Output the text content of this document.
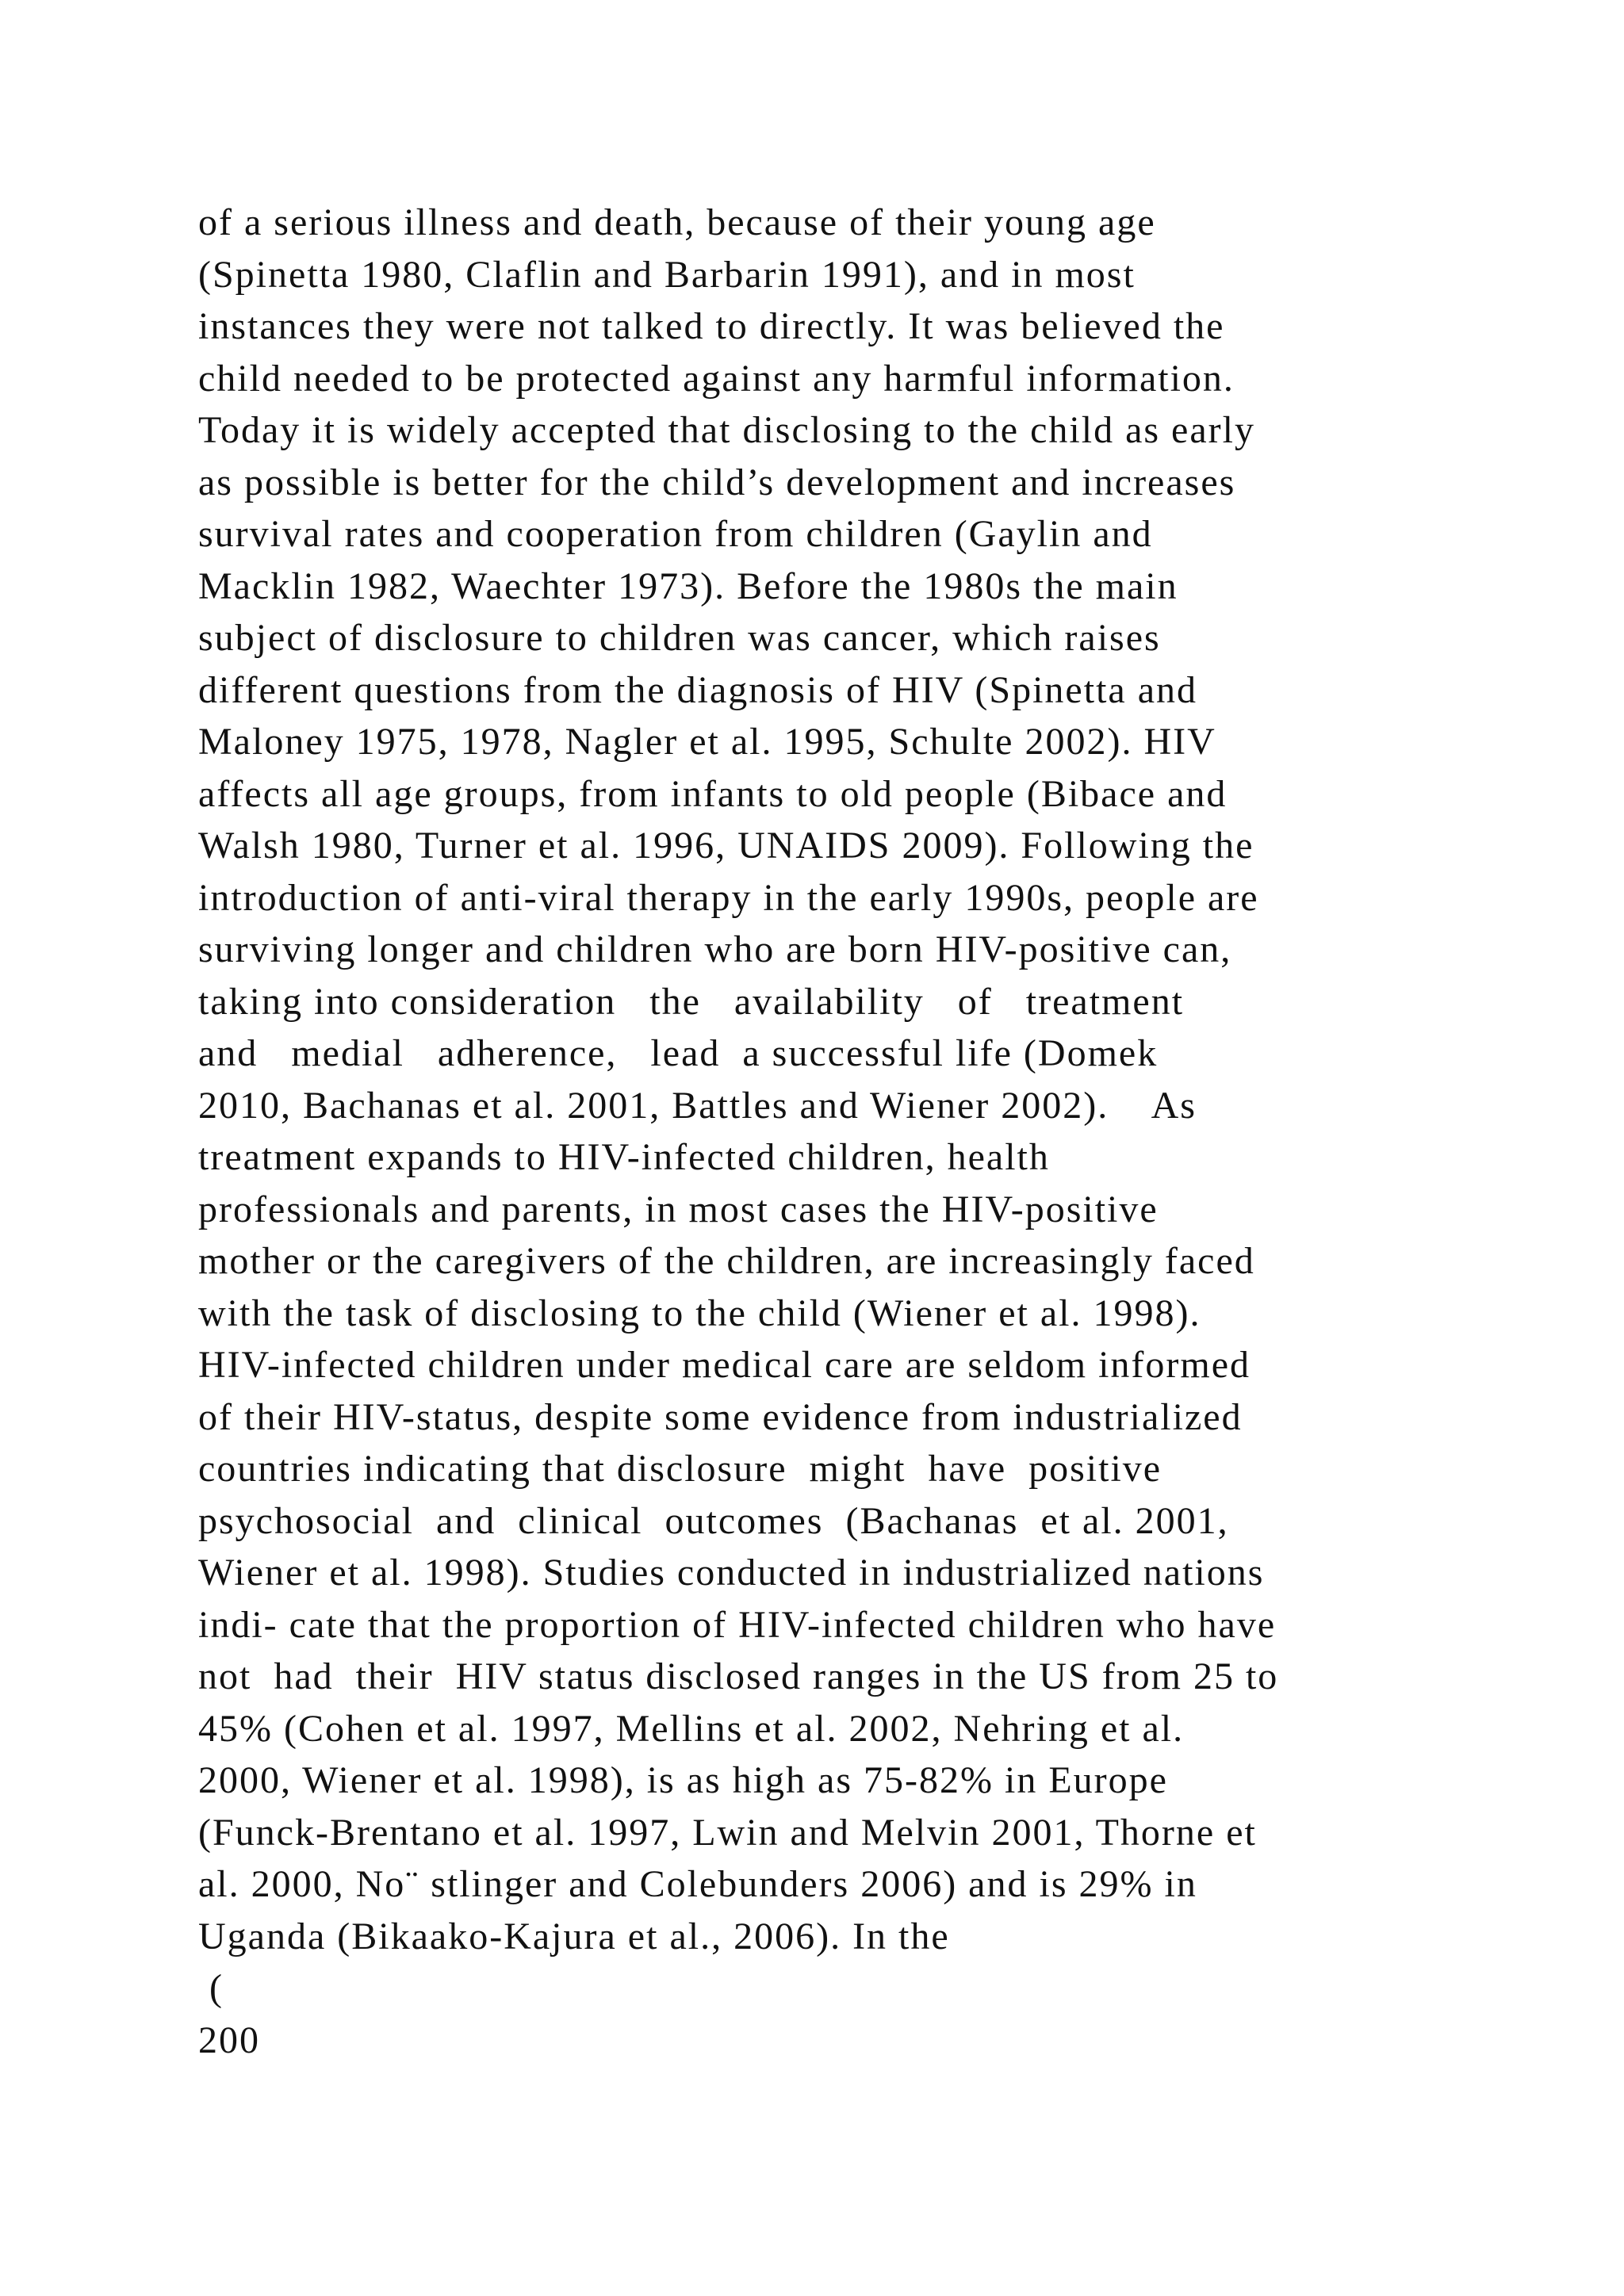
of a serious illness and death, because of their young age
(Spinetta 1980, Claflin and Barbarin 1991), and in most
instances they were not talked to directly. It was believed the
child needed to be protected against any harmful information.
Today it is widely accepted that disclosing to the child as early
as possible is better for the child’s development and increases
survival rates and cooperation from children (Gaylin and
Macklin 1982, Waechter 1973). Before the 1980s the main
subject of disclosure to children was cancer, which raises
different questions from the diagnosis of HIV (Spinetta and
Maloney 1975, 1978, Nagler et al. 1995, Schulte 2002). HIV
affects all age groups, from infants to old people (Bibace and
Walsh 1980, Turner et al. 1996, UNAIDS 2009). Following the
introduction of anti-viral therapy in the early 1990s, people are
surviving longer and children who are born HIV-positive can,
taking into consideration   the   availability   of   treatment
and   medial   adherence,   lead  a successful life (Domek
2010, Bachanas et al. 2001, Battles and Wiener 2002).    As
treatment expands to HIV-infected children, health
professionals and parents, in most cases the HIV-positive
mother or the caregivers of the children, are increasingly faced
with the task of disclosing to the child (Wiener et al. 1998).
HIV-infected children under medical care are seldom informed
of their HIV-status, despite some evidence from industrialized
countries indicating that disclosure  might  have  positive
psychosocial  and  clinical  outcomes  (Bachanas  et al. 2001,
Wiener et al. 1998). Studies conducted in industrialized nations
indi- cate that the proportion of HIV-infected children who have
not  had  their  HIV status disclosed ranges in the US from 25 to
45% (Cohen et al. 1997, Mellins et al. 2002, Nehring et al.
2000, Wiener et al. 1998), is as high as 75-82% in Europe
(Funck-Brentano et al. 1997, Lwin and Melvin 2001, Thorne et
al. 2000, No¨ stlinger and Colebunders 2006) and is 29% in
Uganda (Bikaako-Kajura et al., 2006). In the
(
200
